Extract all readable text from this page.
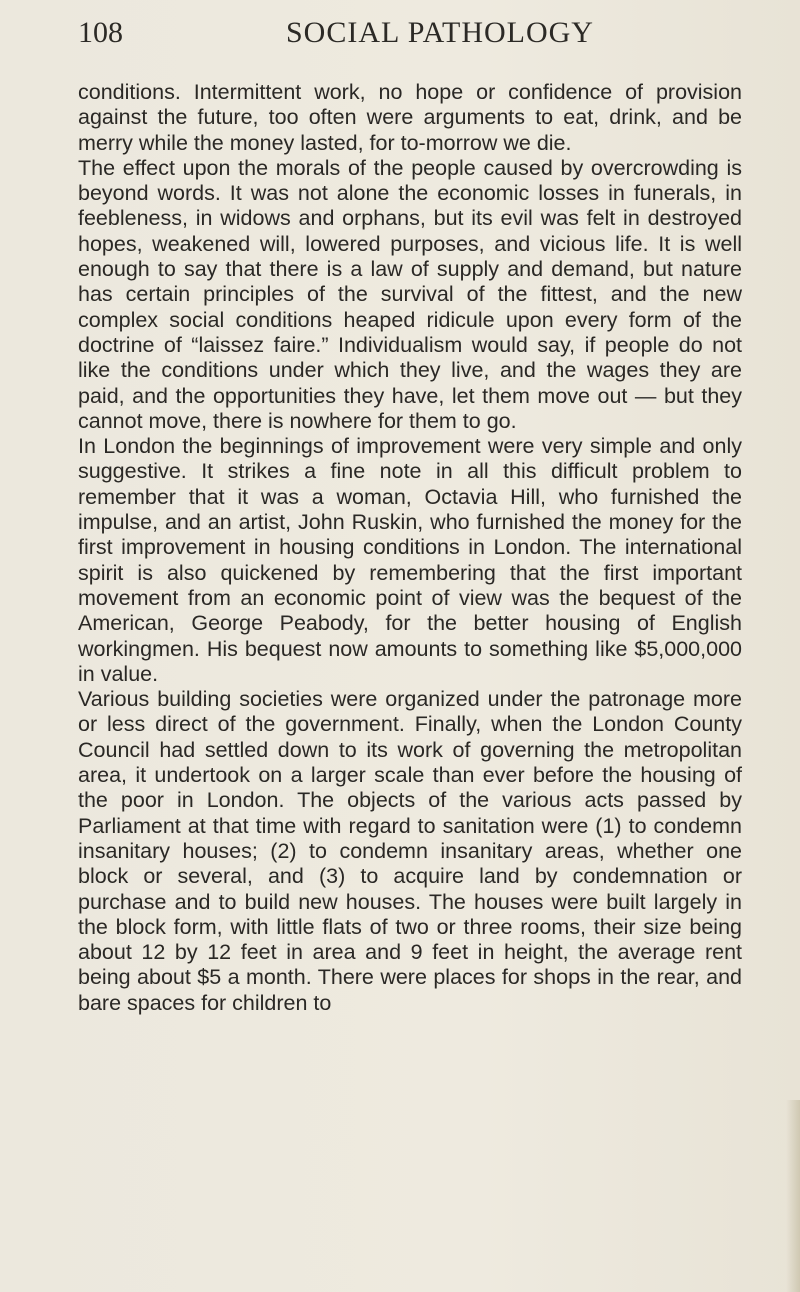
108	SOCIAL PATHOLOGY

conditions. Intermittent work, no hope or confidence of provision against the future, too often were arguments to eat, drink, and be merry while the money lasted, for to-morrow we die.

The effect upon the morals of the people caused by overcrowding is beyond words. It was not alone the economic losses in funerals, in feebleness, in widows and orphans, but its evil was felt in destroyed hopes, weakened will, lowered purposes, and vicious life. It is well enough to say that there is a law of supply and demand, but nature has certain principles of the survival of the fittest, and the new complex social conditions heaped ridicule upon every form of the doctrine of “laissez faire.” Individualism would say, if people do not like the conditions under which they live, and the wages they are paid, and the opportunities they have, let them move out — but they cannot move, there is nowhere for them to go.

In London the beginnings of improvement were very simple and only suggestive. It strikes a fine note in all this difficult problem to remember that it was a woman, Octavia Hill, who furnished the impulse, and an artist, John Ruskin, who furnished the money for the first improvement in housing conditions in London. The international spirit is also quickened by remembering that the first important movement from an economic point of view was the bequest of the American, George Peabody, for the better housing of English workingmen. His bequest now amounts to something like $5,000,000 in value.

Various building societies were organized under the patronage more or less direct of the government. Finally, when the London County Council had settled down to its work of governing the metropolitan area, it undertook on a larger scale than ever before the housing of the poor in London. The objects of the various acts passed by Parliament at that time with regard to sanitation were (1) to condemn insanitary houses; (2) to condemn insanitary areas, whether one block or several, and (3) to acquire land by condemnation or purchase and to build new houses. The houses were built largely in the block form, with little flats of two or three rooms, their size being about 12 by 12 feet in area and 9 feet in height, the average rent being about $5 a month. There were places for shops in the rear, and bare spaces for children to
